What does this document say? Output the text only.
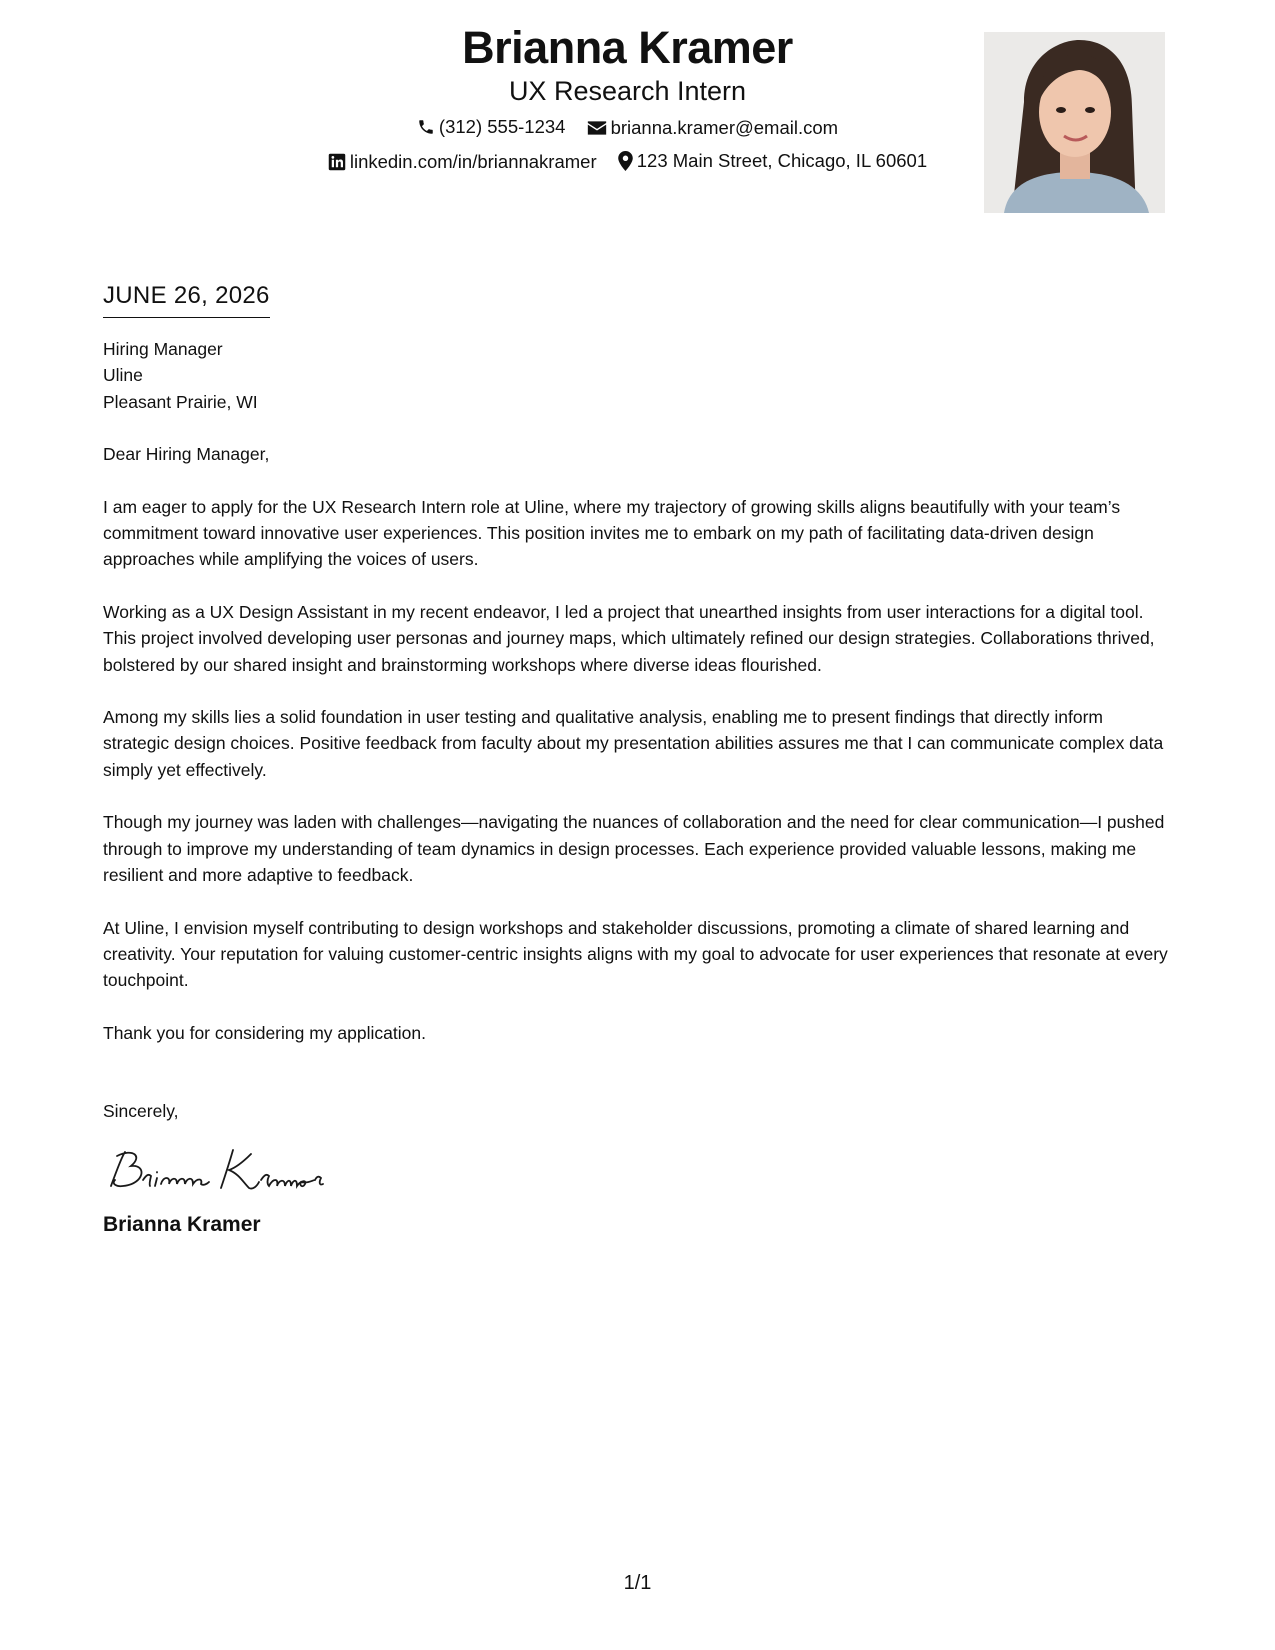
Brianna Kramer
UX Research Intern
(312) 555-1234
brianna.kramer@email.com
linkedin.com/in/briannakramer
123 Main Street, Chicago, IL 60601
JUNE 26, 2026
Hiring Manager
Uline
Pleasant Prairie, WI

Dear Hiring Manager,

I am eager to apply for the UX Research Intern role at Uline, where my trajectory of growing skills aligns beautifully with your team’s commitment toward innovative user experiences. This position invites me to embark on my path of facilitating data-driven design approaches while amplifying the voices of users.

Working as a UX Design Assistant in my recent endeavor, I led a project that unearthed insights from user interactions for a digital tool. This project involved developing user personas and journey maps, which ultimately refined our design strategies. Collaborations thrived, bolstered by our shared insight and brainstorming workshops where diverse ideas flourished.

Among my skills lies a solid foundation in user testing and qualitative analysis, enabling me to present findings that directly inform strategic design choices. Positive feedback from faculty about my presentation abilities assures me that I can communicate complex data simply yet effectively.

Though my journey was laden with challenges—navigating the nuances of collaboration and the need for clear communication—I pushed through to improve my understanding of team dynamics in design processes. Each experience provided valuable lessons, making me resilient and more adaptive to feedback.

At Uline, I envision myself contributing to design workshops and stakeholder discussions, promoting a climate of shared learning and creativity. Your reputation for valuing customer-centric insights aligns with my goal to advocate for user experiences that resonate at every touchpoint.

Thank you for considering my application.

Sincerely,
Brianna Kramer
1/1
